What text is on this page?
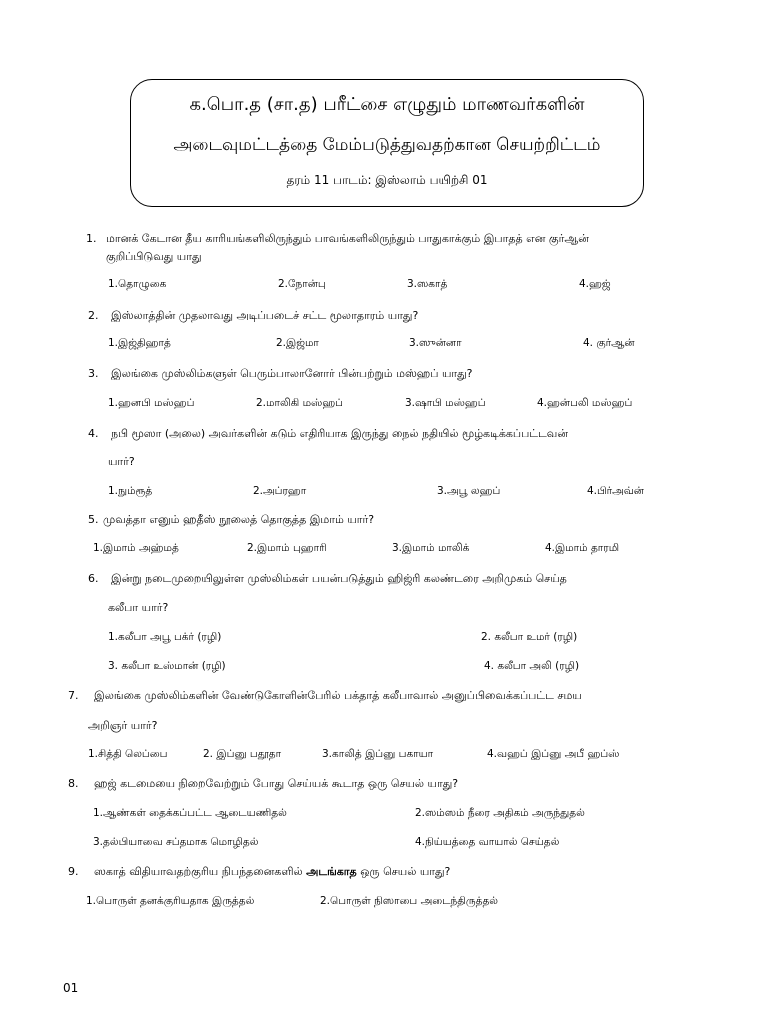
க.பொ.த (சா.த) பரீட்சை எழுதும் மாணவர்களின்
அடைவுமட்டத்தை மேம்படுத்துவதற்கான செயற்றிட்டம்
தரம் 11 பாடம்: இஸ்லாம் பயிற்சி 01
1. மானக் கேடான தீய காரியங்களிலிருந்தும் பாவங்களிலிருந்தும் பாதுகாக்கும் இபாதத் என குர்ஆன்
குறிப்பிடுவது யாது
1.தொழுகை	2.நோன்பு	3.ஸகாத்	4.ஹஜ்
2. இஸ்லாத்தின் முதலாவது அடிப்படைச் சட்ட மூலாதாரம் யாது?
1.இஜ்திஹாத்	2.இஜ்மா	3.ஸுன்னா	4. குர்ஆன்
3. இலங்கை முஸ்லிம்களுள் பெரும்பாலானோர் பின்பற்றும் மஸ்ஹப் யாது?
1.ஹனபி மஸ்ஹப்	2.மாலிகி மஸ்ஹப்	3.ஷாபி மஸ்ஹப்	4.ஹன்பலி மஸ்ஹப்
4. நபி மூஸா (அலை) அவர்களின் கடும் எதிரியாக இருந்து நைல் நதியில் மூழ்கடிக்கப்பட்டவன்
யார்?
1.நும்ரூத்	2.அப்ரஹா	3.அபூ லஹப்	4.பிர்அவ்ன்
5. முவத்தா எனும் ஹதீஸ் நூலைத் தொகுத்த இமாம் யார்?
1.இமாம் அஹ்மத்	2.இமாம் புஹாரி	3.இமாம் மாலிக்	4.இமாம் தாரமி
6. இன்று நடைமுறையிலுள்ள முஸ்லிம்கள் பயன்படுத்தும் ஹிஜ்ரி கலண்டரை அறிமுகம் செய்த
கலீபா யார்?
1.கலீபா அபூ பக்ர் (ரழி)	2. கலீபா உமர் (ரழி)
3. கலீபா உஸ்மான் (ரழி)	4. கலீபா அலி (ரழி)
7. இலங்கை முஸ்லிம்களின் வேண்டுகோளின்பேரில் பக்தாத் கலீபாவால் அனுப்பிவைக்கப்பட்ட சமய
அறிஞர் யார்?
1.சித்தி லெப்பை	2. இப்னு பதூதா	3.காலித் இப்னு பகாயா	4.வஹப் இப்னு அபீ ஹப்ஸ்
8. ஹஜ் கடமையை நிறைவேற்றும் போது செய்யக் கூடாத ஒரு செயல் யாது?
1.ஆண்கள் தைக்கப்பட்ட ஆடையணிதல்	2.ஸம்ஸம் நீரை அதிகம் அருந்துதல்
3.தல்பியாவை சப்தமாக மொழிதல்	4.நிய்யத்தை வாயால் செய்தல்
9. ஸகாத் விதியாவதற்குரிய நிபந்தனைகளில் அடங்காத ஒரு செயல் யாது?
1.பொருள் தனக்குரியதாக இருத்தல்	2.பொருள் நிஸாபை அடைந்திருத்தல்
01
